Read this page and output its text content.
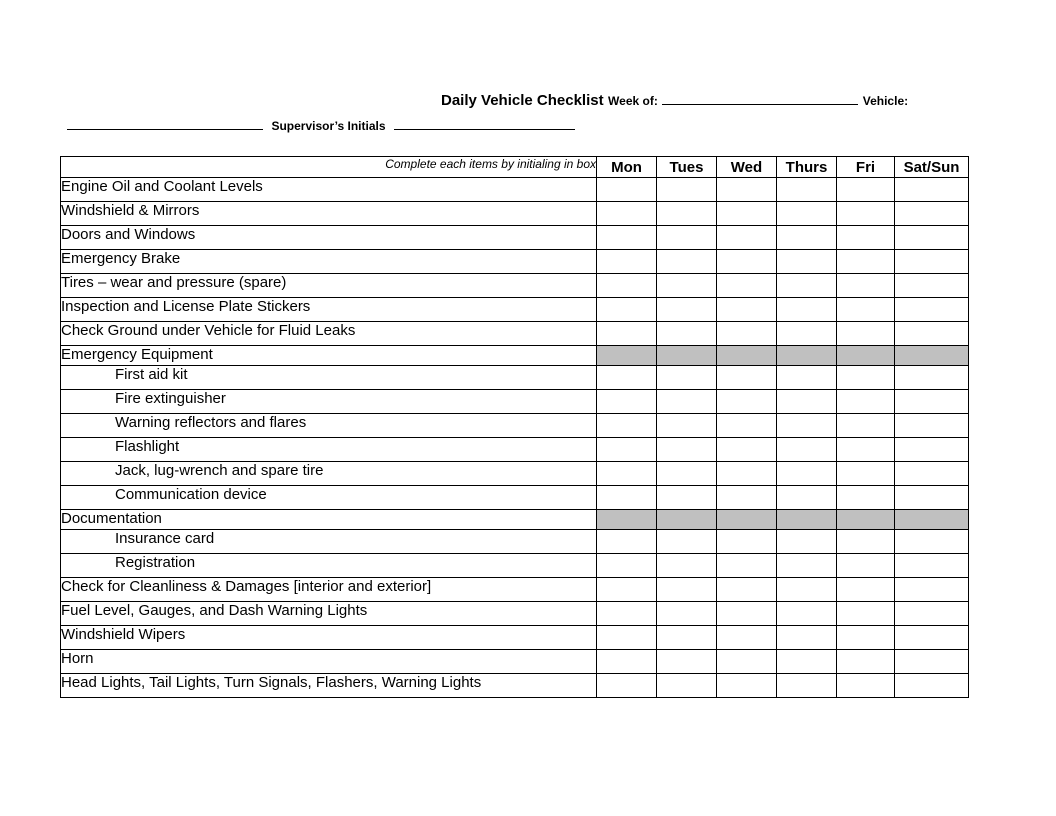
Daily Vehicle Checklist Week of:	Vehicle:
Supervisor’s Initials
Complete each items by initialing in box	Mon	Tues	Wed	Thurs	Fri	Sat/Sun
Engine Oil and Coolant Levels						
Windshield & Mirrors						
Doors and Windows						
Emergency Brake						
Tires – wear and pressure (spare)						
Inspection and License Plate Stickers						
Check Ground under Vehicle for Fluid Leaks						
Emergency Equipment						
First aid kit						
Fire extinguisher						
Warning reflectors and flares						
Flashlight						
Jack, lug-wrench and spare tire						
Communication device						
Documentation						
Insurance card						
Registration						
Check for Cleanliness & Damages [interior and exterior]						
Fuel Level, Gauges, and Dash Warning Lights						
Windshield Wipers						
Horn						
Head Lights, Tail Lights, Turn Signals, Flashers, Warning Lights						
